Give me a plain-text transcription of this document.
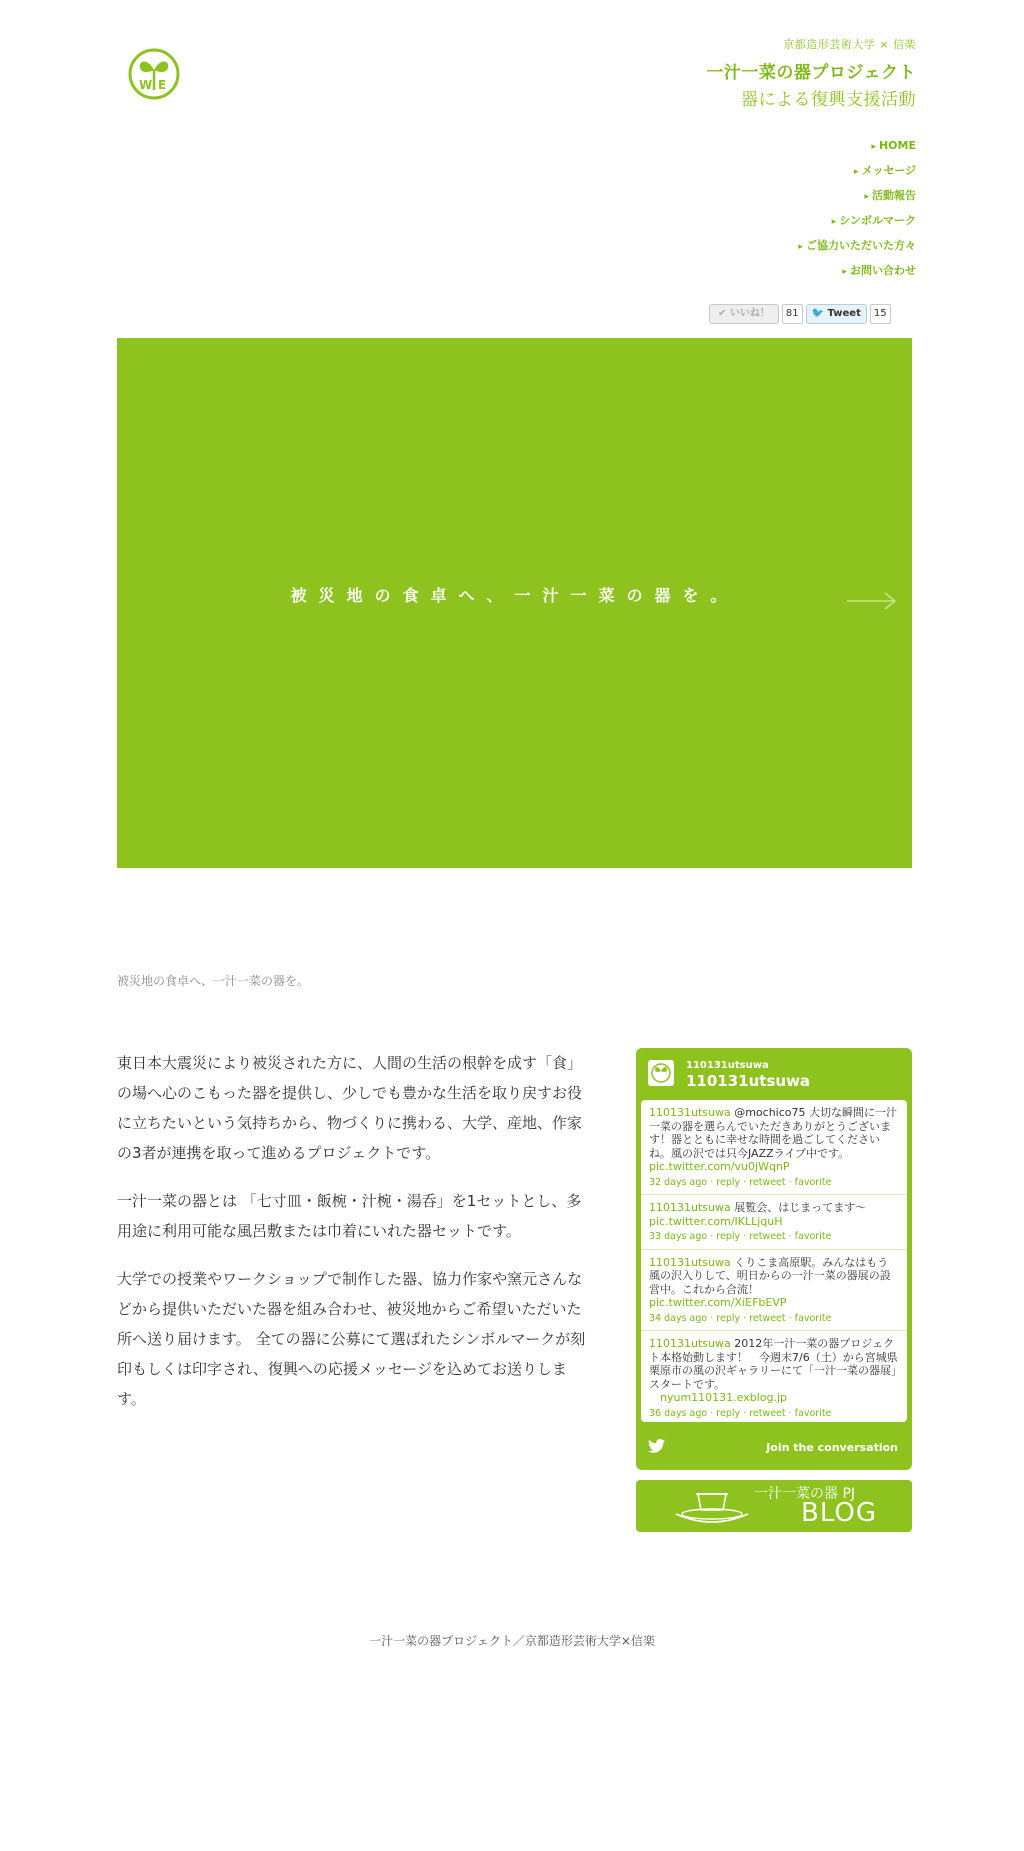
W E
京都造形芸術大学 × 信楽
一汁一菜の器プロジェクト
器による復興支援活動
▸ HOME
▸ メッセージ
▸ 活動報告
▸ シンボルマーク
▸ ご協力いただいた方々
▸ お問い合わせ
✔ いいね！	81	🐦 Tweet	15
被災地の食卓へ、一汁一菜の器を。
被災地の食卓へ、一汁一菜の器を。

東日本大震災により被災された方に、人間の生活の根幹を成す「食」の場へ心のこもった器を提供し、少しでも豊かな生活を取り戻すお役に立ちたいという気持ちから、物づくりに携わる、大学、産地、作家の3者が連携を取って進めるプロジェクトです。

一汁一菜の器とは 「七寸皿・飯椀・汁椀・湯呑」を1セットとし、多用途に利用可能な風呂敷または巾着にいれた器セットです。

大学での授業やワークショップで制作した器、協力作家や窯元さんなどから提供いただいた器を組み合わせ、被災地からご希望いただいた所へ送り届けます。 全ての器に公募にて選ばれたシンボルマークが刻印もしくは印字され、復興への応援メッセージを込めてお送りします。

110131utsuwa
110131utsuwa
110131utsuwa @mochico75 大切な瞬間に一汁一菜の器を選らんでいただきありがとうございます！器とともに幸せな時間を過ごしてくださいね。風の沢では只今JAZZライブ中です。
pic.twitter.com/vu0jWqnP
32 days ago · reply · retweet · favorite
110131utsuwa 展覧会、はじまってます〜
pic.twitter.com/IKLLjquH
33 days ago · reply · retweet · favorite
110131utsuwa くりこま高原駅。みんなはもう風の沢入りして、明日からの一汁一菜の器展の設営中。これから合流！
pic.twitter.com/XiEFbEVP
34 days ago · reply · retweet · favorite
110131utsuwa 2012年一汁一菜の器プロジェクト本格始動します！　今週末7/6（土）から宮城県栗原市の風の沢ギャラリーにて「一汁一菜の器展」スタートです。
　nyum110131.exblog.jp
36 days ago · reply · retweet · favorite
Join the conversation
一汁一菜の器 PJ
BLOG
一汁一菜の器プロジェクト／京都造形芸術大学×信楽
